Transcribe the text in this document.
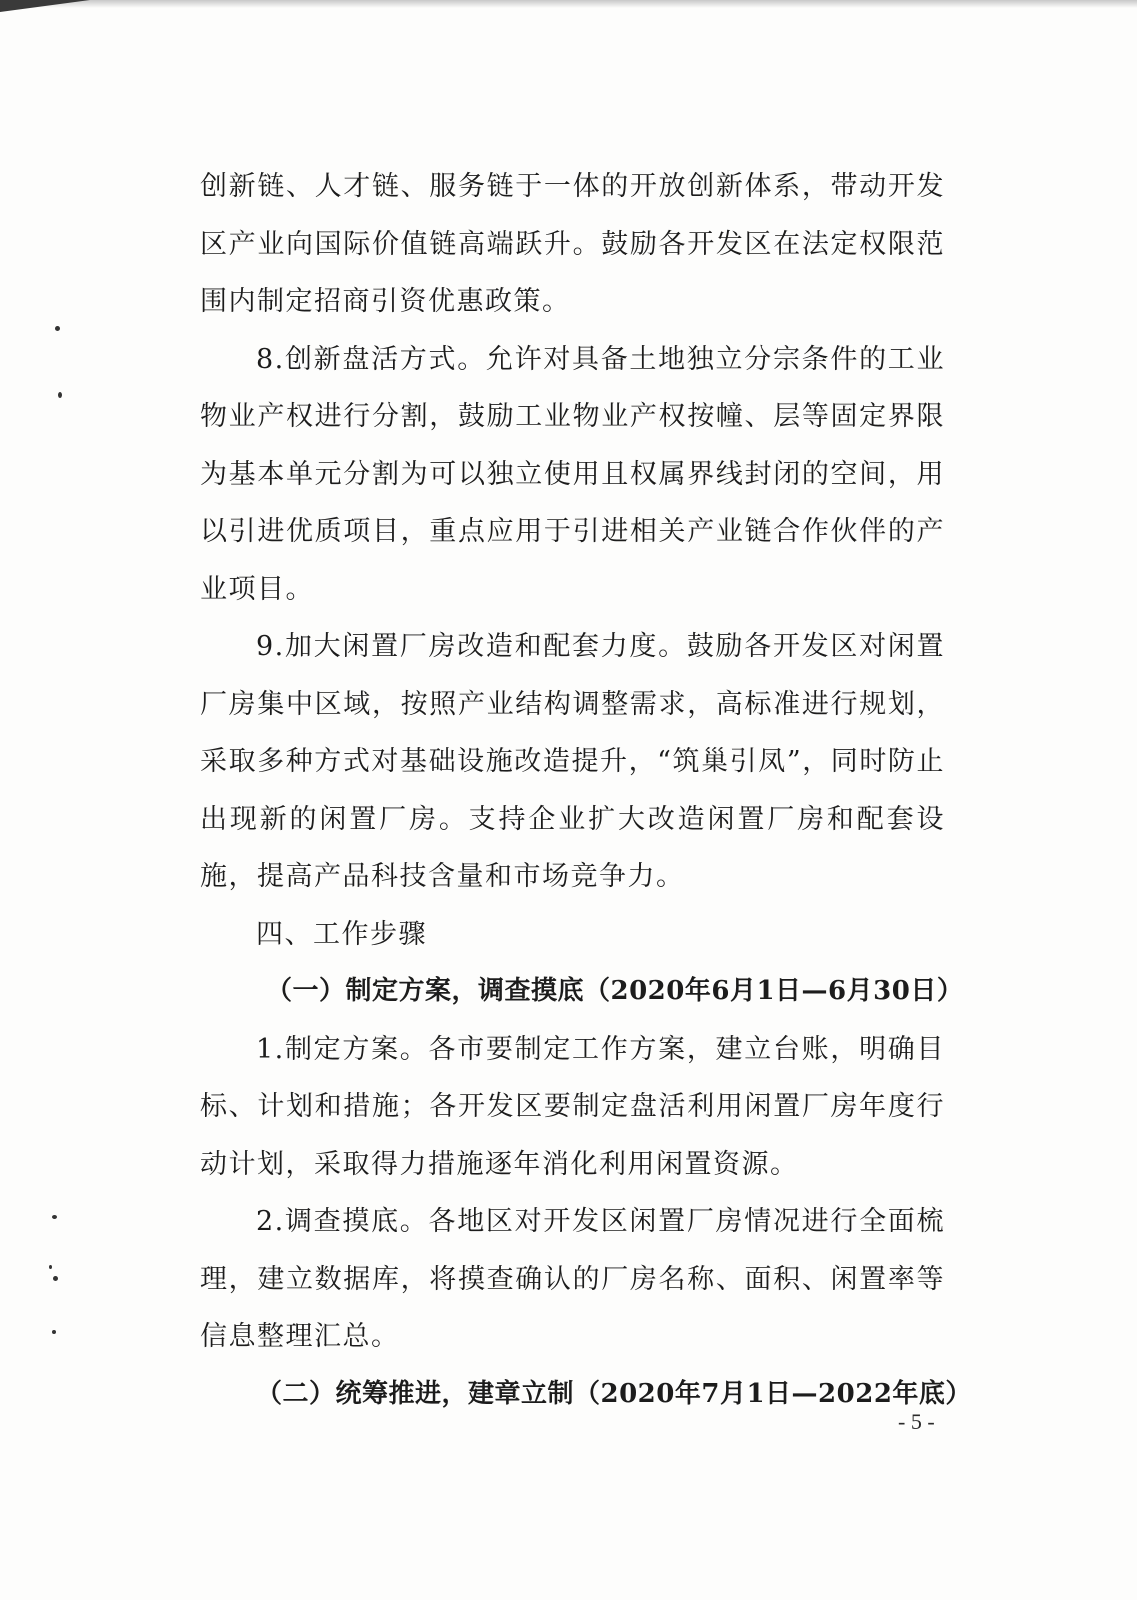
创新链、人才链、服务链于一体的开放创新体系，带动开发区产业向国际价值链高端跃升。鼓励各开发区在法定权限范围内制定招商引资优惠政策。

8.创新盘活方式。允许对具备土地独立分宗条件的工业物业产权进行分割，鼓励工业物业产权按幢、层等固定界限为基本单元分割为可以独立使用且权属界线封闭的空间，用以引进优质项目，重点应用于引进相关产业链合作伙伴的产业项目。

9.加大闲置厂房改造和配套力度。鼓励各开发区对闲置厂房集中区域，按照产业结构调整需求，高标准进行规划，采取多种方式对基础设施改造提升，“筑巢引凤”，同时防止出现新的闲置厂房。支持企业扩大改造闲置厂房和配套设施，提高产品科技含量和市场竞争力。

四、工作步骤

（一）制定方案，调查摸底（2020年6月1日—6月30日）

1.制定方案。各市要制定工作方案，建立台账，明确目标、计划和措施；各开发区要制定盘活利用闲置厂房年度行动计划，采取得力措施逐年消化利用闲置资源。

2.调查摸底。各地区对开发区闲置厂房情况进行全面梳理，建立数据库，将摸查确认的厂房名称、面积、闲置率等信息整理汇总。

（二）统筹推进，建章立制（2020年7月1日—2022年底）

- 5 -
